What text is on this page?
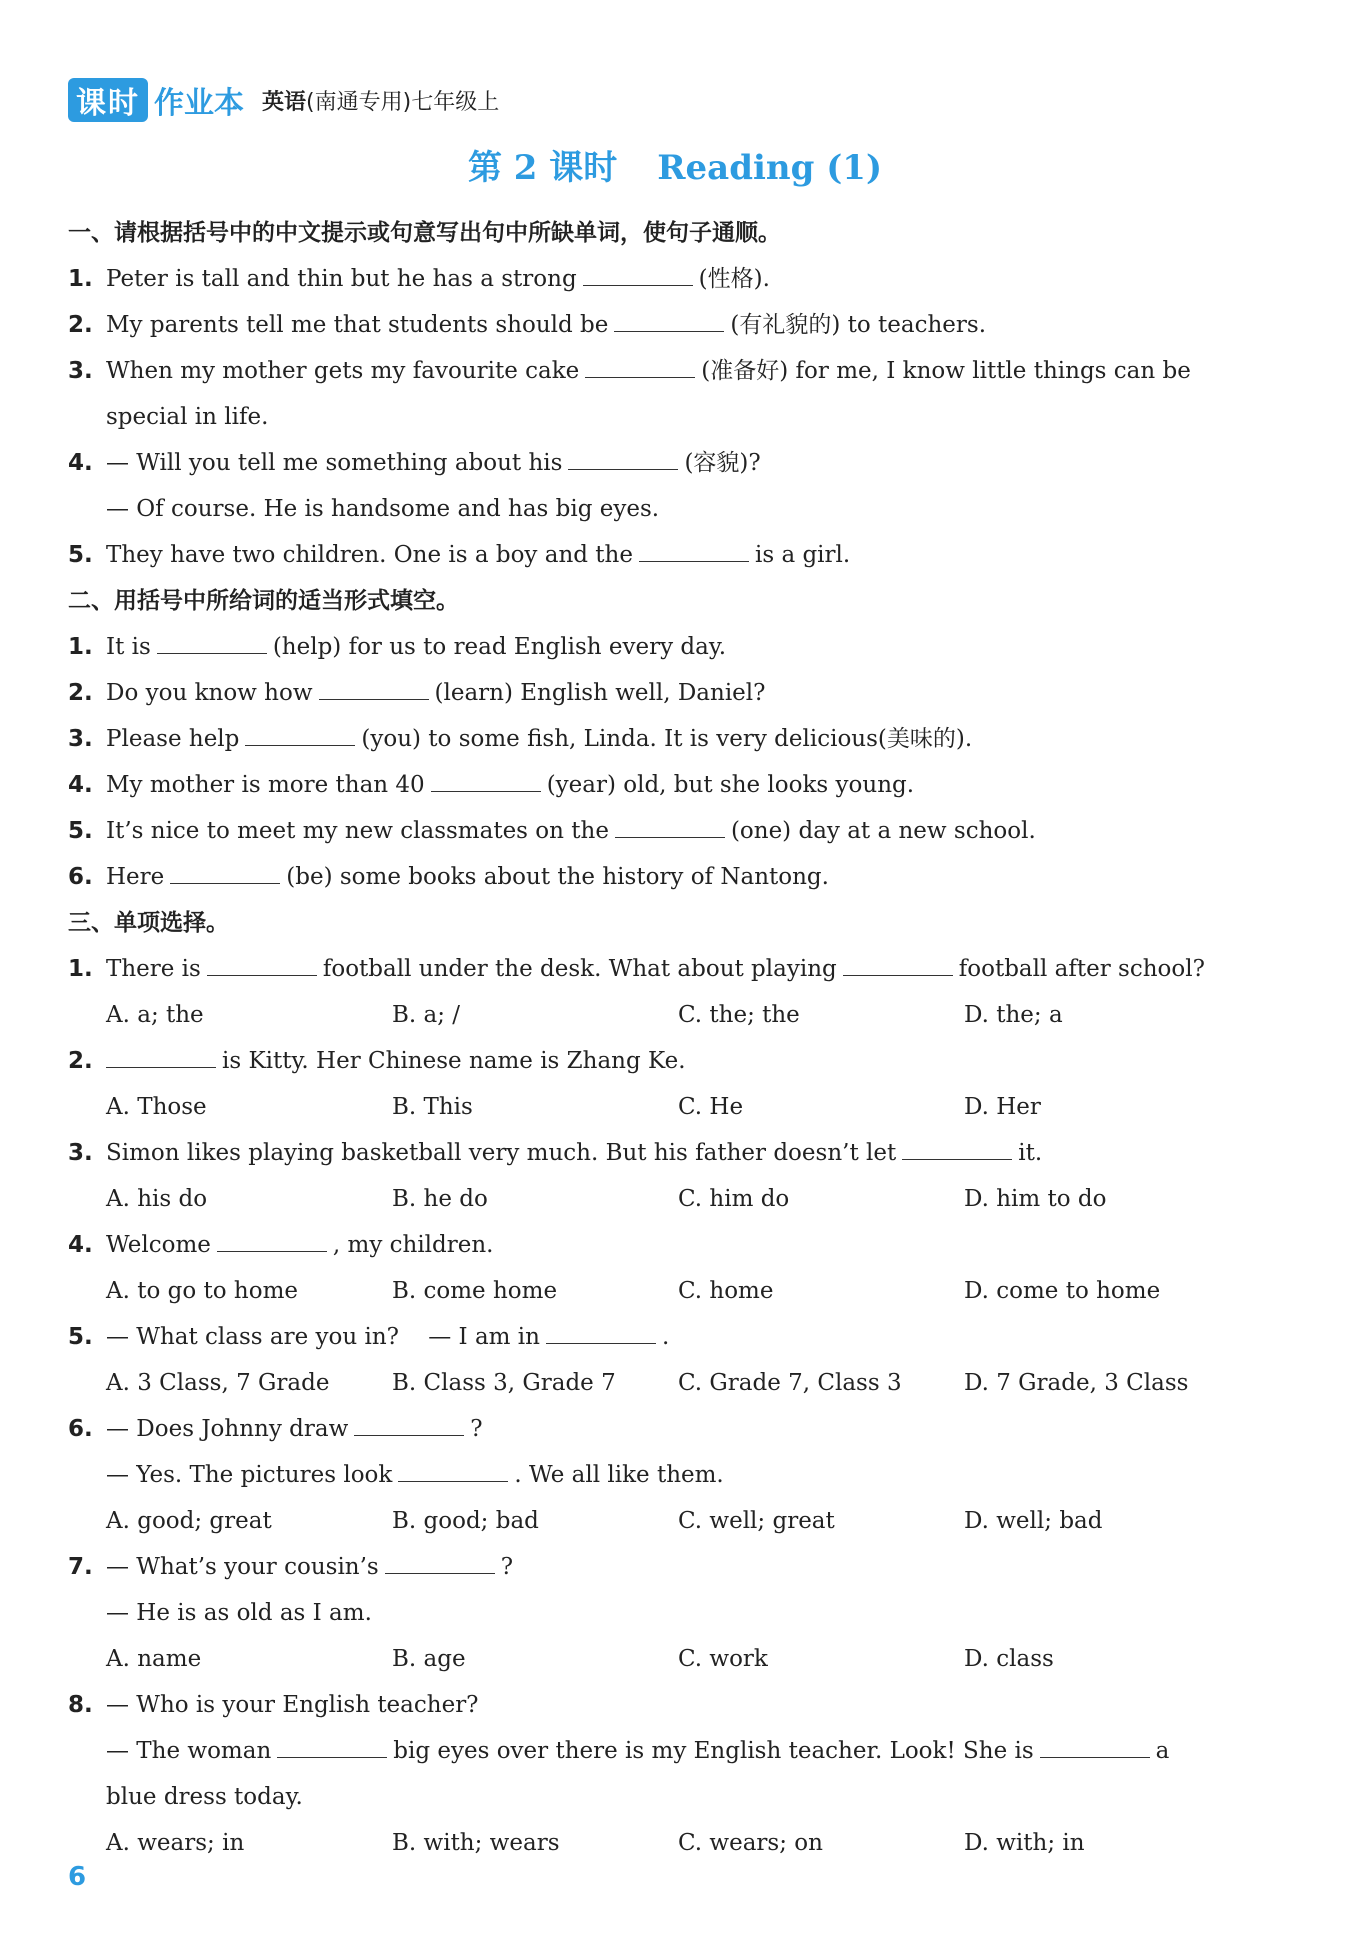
课时 作业本 英语(南通专用)七年级上
第 2 课时 Reading (1)
一、请根据括号中的中文提示或句意写出句中所缺单词，使句子通顺。
1. Peter is tall and thin but he has a strong	(性格).
2. My parents tell me that students should be	(有礼貌的) to teachers.
3. When my mother gets my favourite cake	(准备好) for me, I know little things can be
special in life.
4. — Will you tell me something about his	(容貌)?
— Of course. He is handsome and has big eyes.
5. They have two children. One is a boy and the	is a girl.
二、用括号中所给词的适当形式填空。
1. It is	(help) for us to read English every day.
2. Do you know how	(learn) English well, Daniel?
3. Please help	(you) to some fish, Linda. It is very delicious(美味的).
4. My mother is more than 40	(year) old, but she looks young.
5. It’s nice to meet my new classmates on the	(one) day at a new school.
6. Here	(be) some books about the history of Nantong.
三、单项选择。
1. There is	football under the desk. What about playing	football after school?
A. a; the	B. a; /	C. the; the	D. the; a
2.	is Kitty. Her Chinese name is Zhang Ke.
A. Those	B. This	C. He	D. Her
3. Simon likes playing basketball very much. But his father doesn’t let	it.
A. his do	B. he do	C. him do	D. him to do
4. Welcome	, my children.
A. to go to home	B. come home	C. home	D. come to home
5. — What class are you in?    — I am in	.
A. 3 Class, 7 Grade	B. Class 3, Grade 7	C. Grade 7, Class 3	D. 7 Grade, 3 Class
6. — Does Johnny draw	?
— Yes. The pictures look	. We all like them.
A. good; great	B. good; bad	C. well; great	D. well; bad
7. — What’s your cousin’s	?
— He is as old as I am.
A. name	B. age	C. work	D. class
8. — Who is your English teacher?
— The woman	big eyes over there is my English teacher. Look! She is	a
blue dress today.
A. wears; in	B. with; wears	C. wears; on	D. with; in
6
